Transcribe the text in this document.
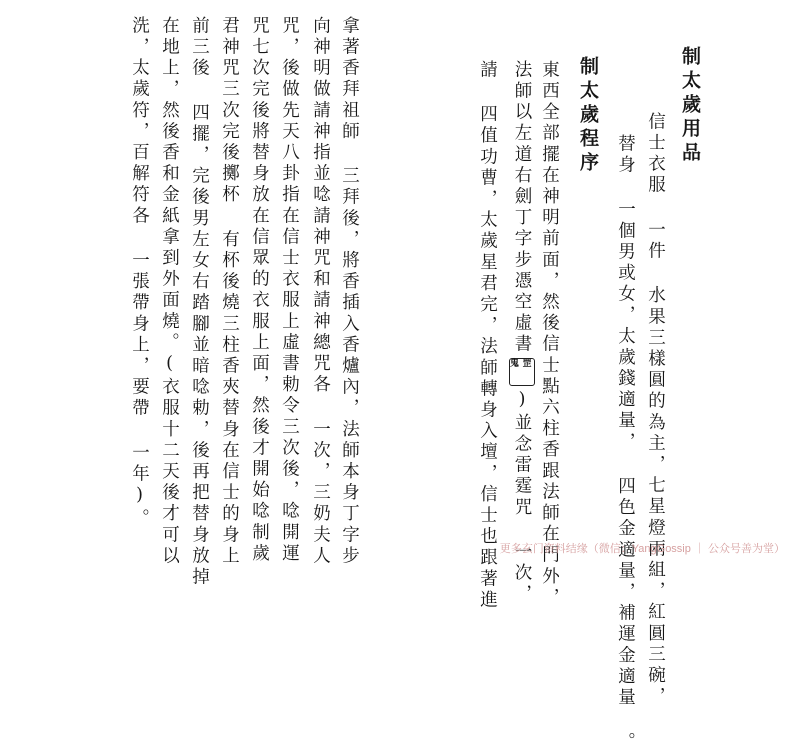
制太歲用品
信士衣服 一件 水果三樣圓的為主，七星燈兩組，紅圓三碗，
替身 一個男或女，太歲錢適量， 四色金適量，補運金適量 。
制太歲程序
東西全部擺在神明前面，然後信士點六柱香跟法師在門外，
法師以左道右劍丁字步憑空虛書鬼罡)並念雷霆咒 一次，
請 四值功曹，太歲星君完，法師轉身入壇，信士也跟著進
拿著香拜祖師 三拜後，將香插入香爐內，法師本身丁字步
向神明做請神指並唸請神咒和請神總咒各 一次，三奶夫人
咒，後做先天八卦指在信士衣服上虛書勅令三次後，唸開運
咒七次完後將替身放在信眾的衣服上面，然後才開始唸制歲
君神咒三次完後擲杯 有杯後燒三柱香夾替身在信士的身上
前三後 四擺，完後男左女右踏腳並暗唸勅，後再把替身放掉
在地上，然後香和金紙拿到外面燒。(衣服十二天後才可以
洗，太歲符，百解符各 一張帶身上，要帶 一年)。
更多玄门资料结缘（微信：YangGossip ｜ 公众号善为堂）
